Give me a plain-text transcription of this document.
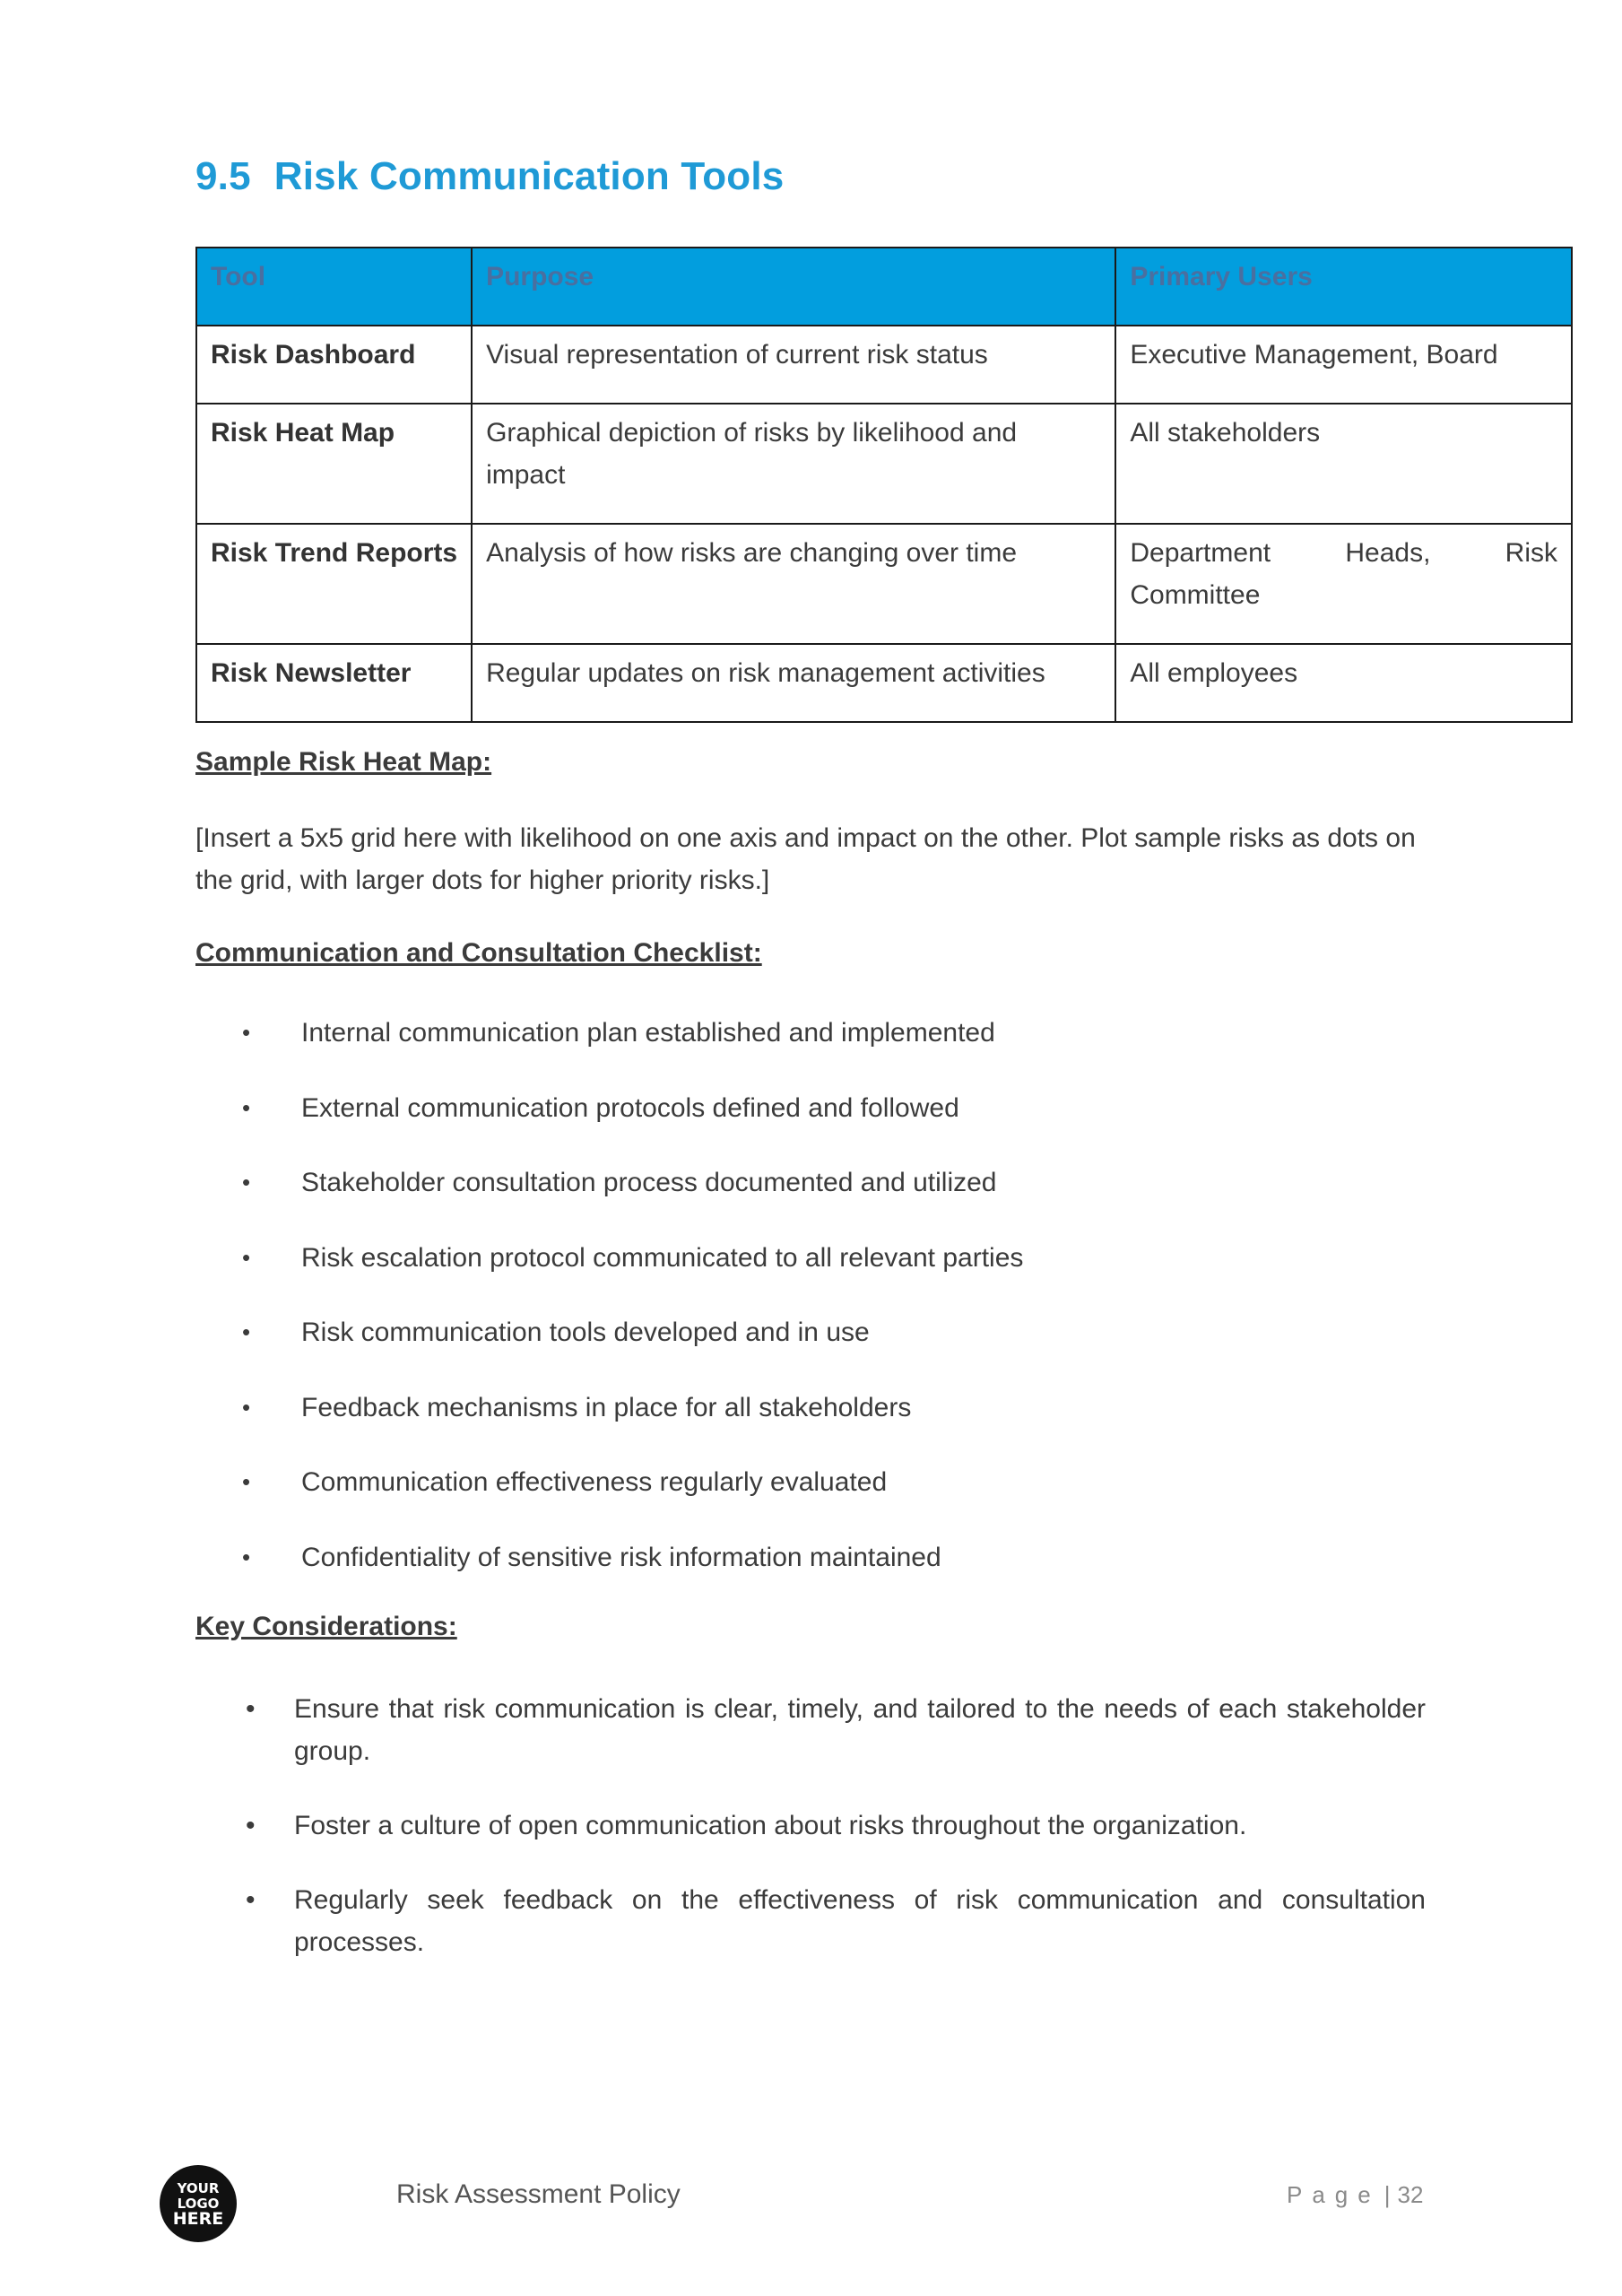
9.5 Risk Communication Tools
Tool	Purpose	Primary Users
Risk Dashboard	Visual representation of current risk status	Executive Management, Board
Risk Heat Map	Graphical depiction of risks by likelihood and impact	All stakeholders
Risk Trend Reports	Analysis of how risks are changing over time	Department Heads, Risk Committee
Risk Newsletter	Regular updates on risk management activities	All employees
Sample Risk Heat Map:
[Insert a 5x5 grid here with likelihood on one axis and impact on the other. Plot sample risks as dots on the grid, with larger dots for higher priority risks.]
Communication and Consultation Checklist:
• Internal communication plan established and implemented
• External communication protocols defined and followed
• Stakeholder consultation process documented and utilized
• Risk escalation protocol communicated to all relevant parties
• Risk communication tools developed and in use
• Feedback mechanisms in place for all stakeholders
• Communication effectiveness regularly evaluated
• Confidentiality of sensitive risk information maintained
Key Considerations:
• Ensure that risk communication is clear, timely, and tailored to the needs of each stakeholder group.
• Foster a culture of open communication about risks throughout the organization.
• Regularly seek feedback on the effectiveness of risk communication and consultation processes.
YOUR
LOGO
HERE
Risk Assessment Policy	Page | 32
